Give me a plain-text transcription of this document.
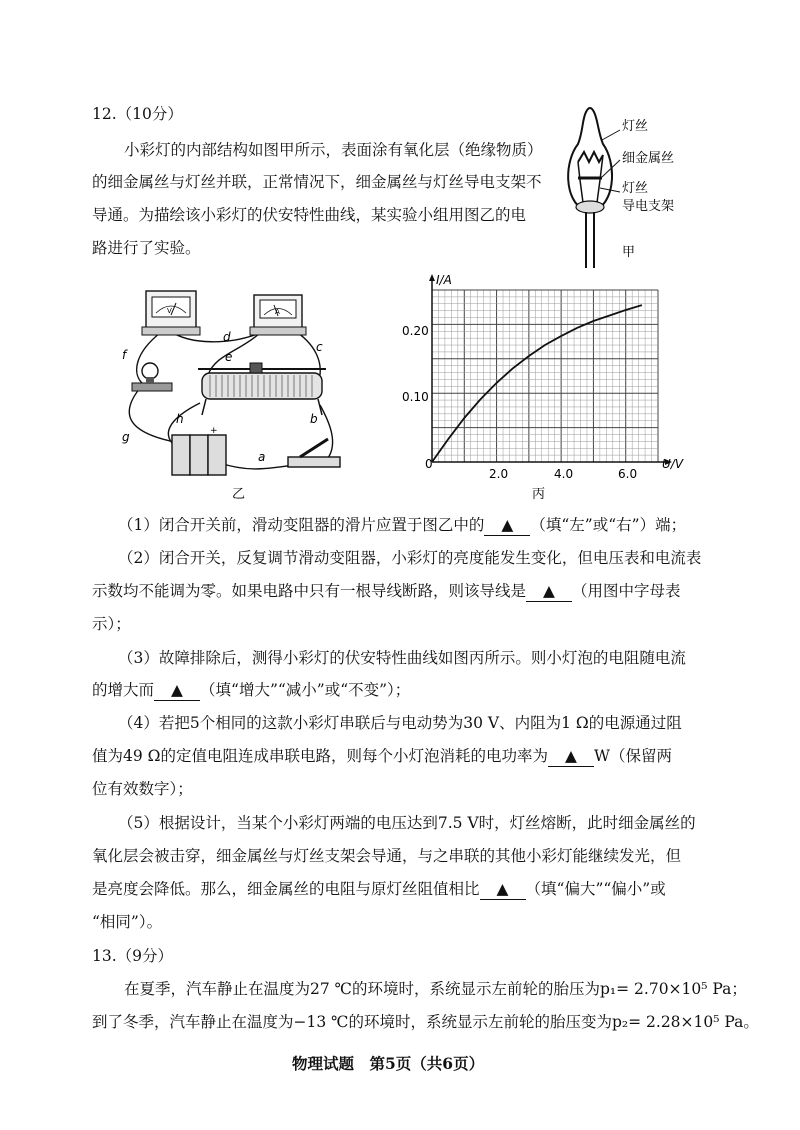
12.（10分）
小彩灯的内部结构如图甲所示，表面涂有氧化层（绝缘物质）
的细金属丝与灯丝并联，正常情况下，细金属丝与灯丝导电支架不
导通。为描绘该小彩灯的伏安特性曲线，某实验小组用图乙的电
路进行了实验。
灯丝
细金属丝
灯丝
导电支架
甲
V	A
+
d
c
e
f
b
h
g
a
乙
I/A
U/V
0
2.0	4.0	6.0
0.10
0.20
丙
（1）闭合开关前，滑动变阻器的滑片应置于图乙中的 ▲ （填“左”或“右”）端；
（2）闭合开关，反复调节滑动变阻器，小彩灯的亮度能发生变化，但电压表和电流表
示数均不能调为零。如果电路中只有一根导线断路，则该导线是 ▲ （用图中字母表
示）；
（3）故障排除后，测得小彩灯的伏安特性曲线如图丙所示。则小灯泡的电阻随电流
的增大而 ▲ （填“增大”“减小”或“不变”）；
（4）若把5个相同的这款小彩灯串联后与电动势为30 V、内阻为1 Ω的电源通过阻
值为49 Ω的定值电阻连成串联电路，则每个小灯泡消耗的电功率为 ▲ W（保留两
位有效数字）；
（5）根据设计，当某个小彩灯两端的电压达到7.5 V时，灯丝熔断，此时细金属丝的
氧化层会被击穿，细金属丝与灯丝支架会导通，与之串联的其他小彩灯能继续发光，但
是亮度会降低。那么，细金属丝的电阻与原灯丝阻值相比 ▲ （填“偏大”“偏小”或
“相同”）。
13.（9分）
在夏季，汽车静止在温度为27 ℃的环境时，系统显示左前轮的胎压为p₁= 2.70×10⁵ Pa；
到了冬季，汽车静止在温度为−13 ℃的环境时，系统显示左前轮的胎压变为p₂= 2.28×10⁵ Pa。
物理试题　第5页（共6页）
